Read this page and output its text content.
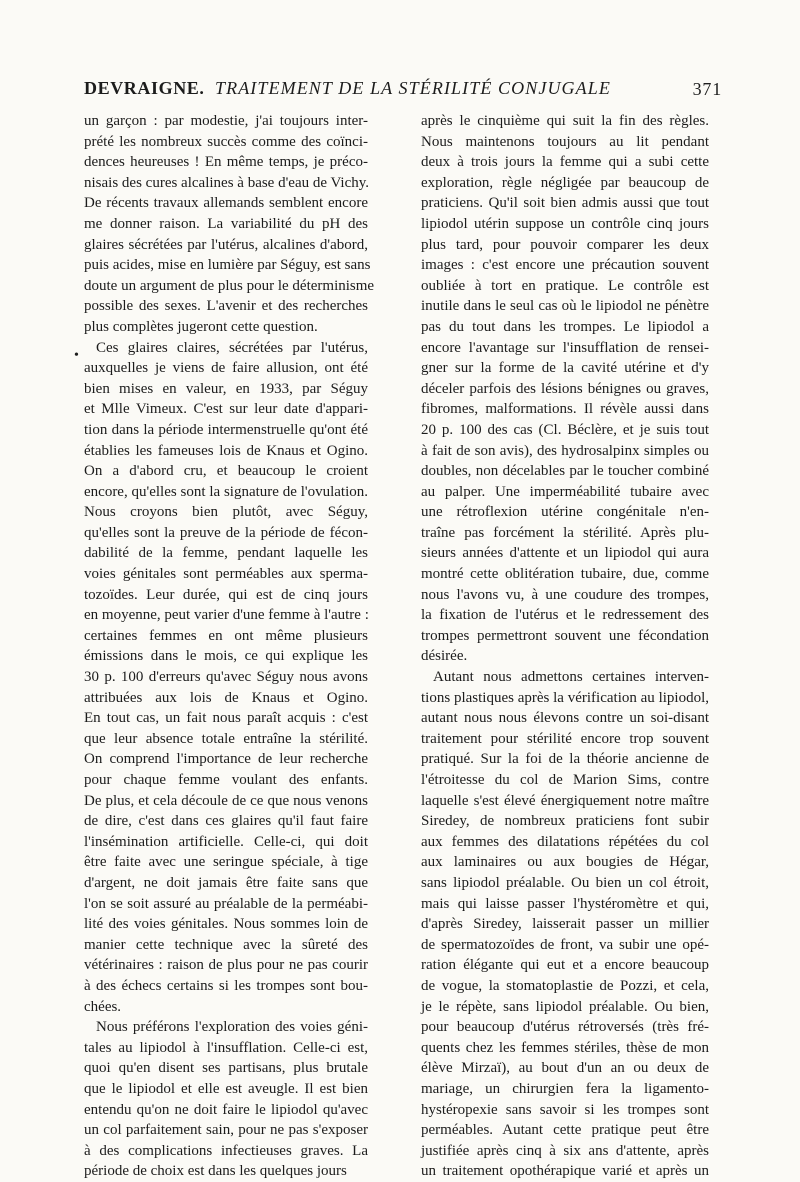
DEVRAIGNE. TRAITEMENT DE LA STÉRILITÉ CONJUGALE	371
•
un garçon : par modestie, j'ai toujours inter-
prété les nombreux succès comme des coïnci-
dences heureuses ! En même temps, je préco-
nisais des cures alcalines à base d'eau de Vichy.
De récents travaux allemands semblent encore
me donner raison. La variabilité du pH des
glaires sécrétées par l'utérus, alcalines d'abord,
puis acides, mise en lumière par Séguy, est sans
doute un argument de plus pour le déterminisme
possible des sexes. L'avenir et des recherches
plus complètes jugeront cette question.
Ces glaires claires, sécrétées par l'utérus,
auxquelles je viens de faire allusion, ont été
bien mises en valeur, en 1933, par Séguy
et Mlle Vimeux. C'est sur leur date d'appari-
tion dans la période intermenstruelle qu'ont été
établies les fameuses lois de Knaus et Ogino.
On a d'abord cru, et beaucoup le croient
encore, qu'elles sont la signature de l'ovulation.
Nous croyons bien plutôt, avec Séguy,
qu'elles sont la preuve de la période de fécon-
dabilité de la femme, pendant laquelle les
voies génitales sont perméables aux sperma-
tozoïdes. Leur durée, qui est de cinq jours
en moyenne, peut varier d'une femme à l'autre :
certaines femmes en ont même plusieurs
émissions dans le mois, ce qui explique les
30 p. 100 d'erreurs qu'avec Séguy nous avons
attribuées aux lois de Knaus et Ogino.
En tout cas, un fait nous paraît acquis : c'est
que leur absence totale entraîne la stérilité.
On comprend l'importance de leur recherche
pour chaque femme voulant des enfants.
De plus, et cela découle de ce que nous venons
de dire, c'est dans ces glaires qu'il faut faire
l'insémination artificielle. Celle-ci, qui doit
être faite avec une seringue spéciale, à tige
d'argent, ne doit jamais être faite sans que
l'on se soit assuré au préalable de la perméabi-
lité des voies génitales. Nous sommes loin de
manier cette technique avec la sûreté des
vétérinaires : raison de plus pour ne pas courir
à des échecs certains si les trompes sont bou-
chées.
Nous préférons l'exploration des voies géni-
tales au lipiodol à l'insufflation. Celle-ci est,
quoi qu'en disent ses partisans, plus brutale
que le lipiodol et elle est aveugle. Il est bien
entendu qu'on ne doit faire le lipiodol qu'avec
un col parfaitement sain, pour ne pas s'exposer
à des complications infectieuses graves. La
période de choix est dans les quelques jours
après le cinquième qui suit la fin des règles.
Nous maintenons toujours au lit pendant
deux à trois jours la femme qui a subi cette
exploration, règle négligée par beaucoup de
praticiens. Qu'il soit bien admis aussi que tout
lipiodol utérin suppose un contrôle cinq jours
plus tard, pour pouvoir comparer les deux
images : c'est encore une précaution souvent
oubliée à tort en pratique. Le contrôle est
inutile dans le seul cas où le lipiodol ne pénètre
pas du tout dans les trompes. Le lipiodol a
encore l'avantage sur l'insufflation de rensei-
gner sur la forme de la cavité utérine et d'y
déceler parfois des lésions bénignes ou graves,
fibromes, malformations. Il révèle aussi dans
20 p. 100 des cas (Cl. Béclère, et je suis tout
à fait de son avis), des hydrosalpinx simples ou
doubles, non décelables par le toucher combiné
au palper. Une imperméabilité tubaire avec
une rétroflexion utérine congénitale n'en-
traîne pas forcément la stérilité. Après plu-
sieurs années d'attente et un lipiodol qui aura
montré cette oblitération tubaire, due, comme
nous l'avons vu, à une coudure des trompes,
la fixation de l'utérus et le redressement des
trompes permettront souvent une fécondation
désirée.
Autant nous admettons certaines interven-
tions plastiques après la vérification au lipiodol,
autant nous nous élevons contre un soi-disant
traitement pour stérilité encore trop souvent
pratiqué. Sur la foi de la théorie ancienne de
l'étroitesse du col de Marion Sims, contre
laquelle s'est élevé énergiquement notre maître
Siredey, de nombreux praticiens font subir
aux femmes des dilatations répétées du col
aux laminaires ou aux bougies de Hégar,
sans lipiodol préalable. Ou bien un col étroit,
mais qui laisse passer l'hystéromètre et qui,
d'après Siredey, laisserait passer un millier
de spermatozoïdes de front, va subir une opé-
ration élégante qui eut et a encore beaucoup
de vogue, la stomatoplastie de Pozzi, et cela,
je le répète, sans lipiodol préalable. Ou bien,
pour beaucoup d'utérus rétroversés (très fré-
quents chez les femmes stériles, thèse de mon
élève Mirzaï), au bout d'un an ou deux de
mariage, un chirurgien fera la ligamento-
hystéropexie sans savoir si les trompes sont
perméables. Autant cette pratique peut être
justifiée après cinq à six ans d'attente, après
un traitement opothérapique varié et après un
